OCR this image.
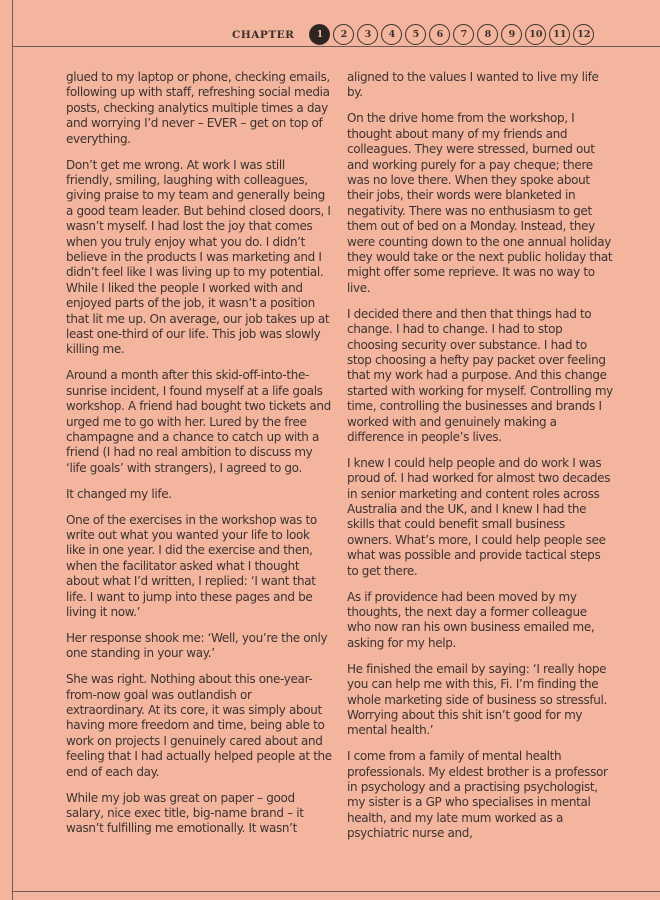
CHAPTER	1	2	3	4	5	6	7	8	9	10	11	12

glued to my laptop or phone, checking emails, following up with staff, refreshing social media posts, checking analytics multiple times a day and worrying I’d never – EVER – get on top of everything.

Don’t get me wrong. At work I was still friendly, smiling, laughing with colleagues, giving praise to my team and generally being a good team leader. But behind closed doors, I wasn’t myself. I had lost the joy that comes when you truly enjoy what you do. I didn’t believe in the products I was marketing and I didn’t feel like I was living up to my potential. While I liked the people I worked with and enjoyed parts of the job, it wasn’t a position that lit me up. On average, our job takes up at least one-third of our life. This job was slowly killing me.

Around a month after this skid-off-into-the-sunrise incident, I found myself at a life goals workshop. A friend had bought two tickets and urged me to go with her. Lured by the free champagne and a chance to catch up with a friend (I had no real ambition to discuss my ‘life goals’ with strangers), I agreed to go.

It changed my life.

One of the exercises in the workshop was to write out what you wanted your life to look like in one year. I did the exercise and then, when the facilitator asked what I thought about what I’d written, I replied: ‘I want that life. I want to jump into these pages and be living it now.’

Her response shook me: ‘Well, you’re the only one standing in your way.’

She was right. Nothing about this one-year-from-now goal was outlandish or extraordinary. At its core, it was simply about having more freedom and time, being able to work on projects I genuinely cared about and feeling that I had actually helped people at the end of each day.

While my job was great on paper – good salary, nice exec title, big-name brand – it wasn’t fulfilling me emotionally. It wasn’t

aligned to the values I wanted to live my life by.

On the drive home from the workshop, I thought about many of my friends and colleagues. They were stressed, burned out and working purely for a pay cheque; there was no love there. When they spoke about their jobs, their words were blanketed in negativity. There was no enthusiasm to get them out of bed on a Monday. Instead, they were counting down to the one annual holiday they would take or the next public holiday that might offer some reprieve. It was no way to live.

I decided there and then that things had to change. I had to change. I had to stop choosing security over substance. I had to stop choosing a hefty pay packet over feeling that my work had a purpose. And this change started with working for myself. Controlling my time, controlling the businesses and brands I worked with and genuinely making a difference in people’s lives.

I knew I could help people and do work I was proud of. I had worked for almost two decades in senior marketing and content roles across Australia and the UK, and I knew I had the skills that could benefit small business owners. What’s more, I could help people see what was possible and provide tactical steps to get there.

As if providence had been moved by my thoughts, the next day a former colleague who now ran his own business emailed me, asking for my help.

He finished the email by saying: ‘I really hope you can help me with this, Fi. I’m finding the whole marketing side of business so stressful. Worrying about this shit isn’t good for my mental health.’

I come from a family of mental health professionals. My eldest brother is a professor in psychology and a practising psychologist, my sister is a GP who specialises in mental health, and my late mum worked as a psychiatric nurse and,
